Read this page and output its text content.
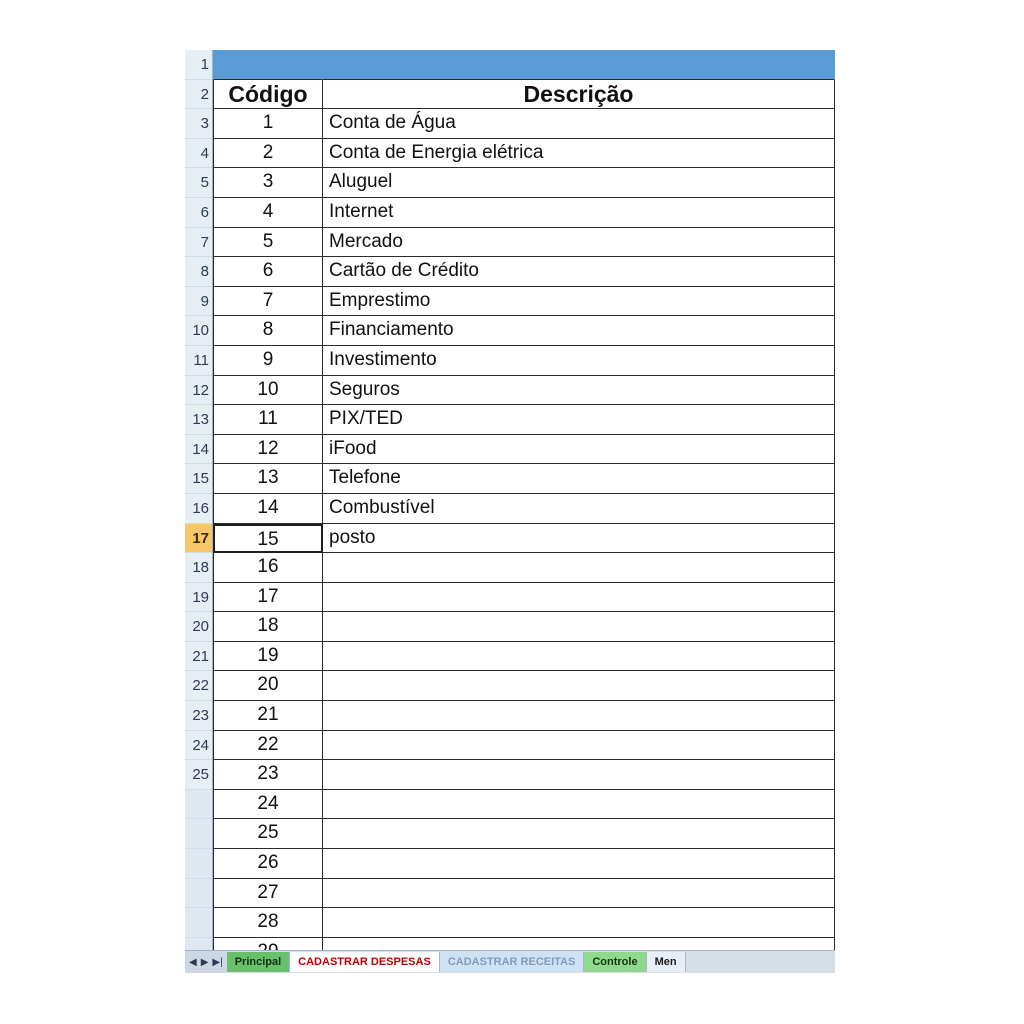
1
2
3
4
5
6
7
8
9
10
11
12
13
14
15
16
17
18
19
20
21
22
23
24
25
Código	Descrição
1	Conta de Água
2	Conta de Energia elétrica
3	Aluguel
4	Internet
5	Mercado
6	Cartão de Crédito
7	Emprestimo
8	Financiamento
9	Investimento
10	Seguros
11	PIX/TED
12	iFood
13	Telefone
14	Combustível
15	posto
16
17
18
19
20
21
22
23
24
25
26
27
28
◀ ▶ ▶|	Principal	CADASTRAR DESPESAS	CADASTRAR RECEITAS	Controle	Men
